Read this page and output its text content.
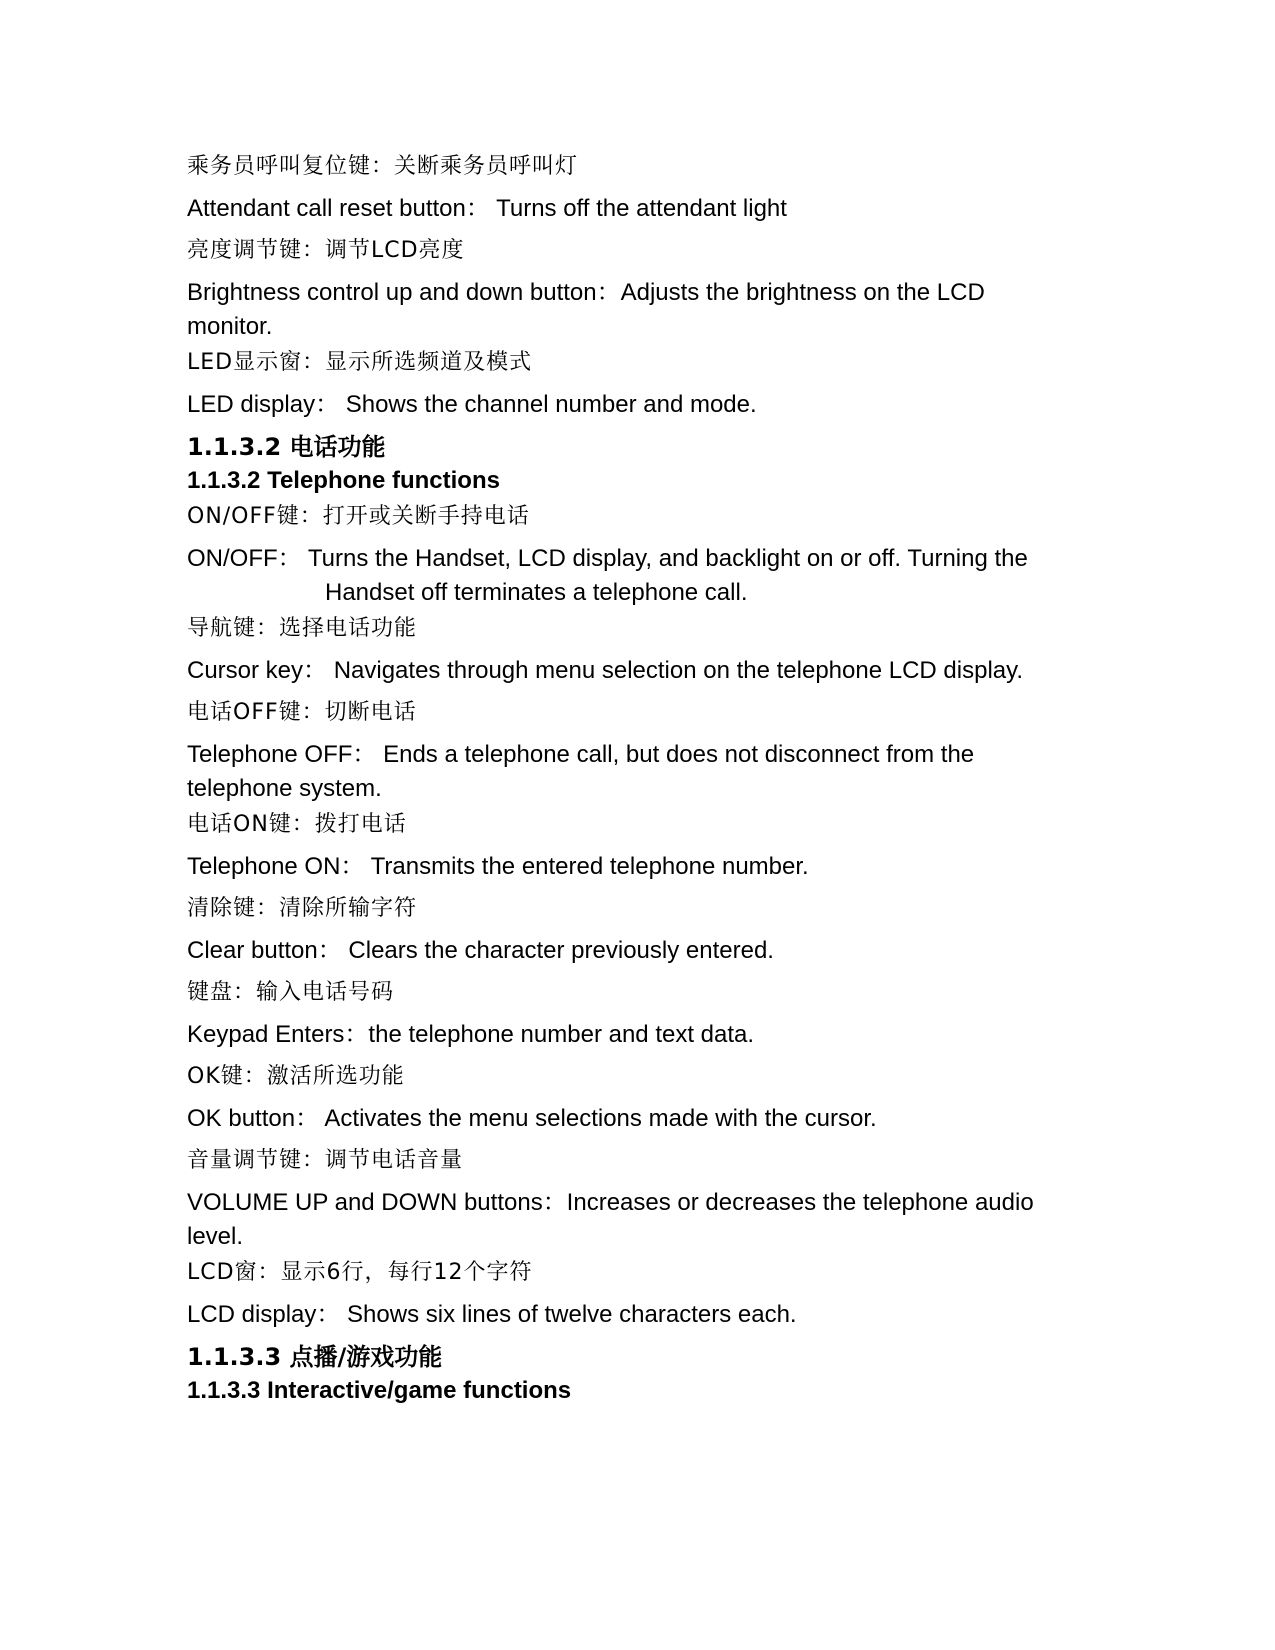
乘务员呼叫复位键：关断乘务员呼叫灯
Attendant call reset button： Turns off the attendant light
亮度调节键：调节LCD亮度
Brightness control up and down button：Adjusts the brightness on the LCD
monitor.
LED显示窗：显示所选频道及模式
LED display： Shows the channel number and mode.
1.1.3.2 电话功能
1.1.3.2 Telephone functions
ON/OFF键：打开或关断手持电话
ON/OFF： Turns the Handset, LCD display, and backlight on or off. Turning the
Handset off terminates a telephone call.
导航键：选择电话功能
Cursor key： Navigates through menu selection on the telephone LCD display.
电话OFF键：切断电话
Telephone OFF： Ends a telephone call, but does not disconnect from the
telephone system.
电话ON键：拨打电话
Telephone ON： Transmits the entered telephone number.
清除键：清除所输字符
Clear button： Clears the character previously entered.
键盘：输入电话号码
Keypad Enters：the telephone number and text data.
OK键：激活所选功能
OK button： Activates the menu selections made with the cursor.
音量调节键：调节电话音量
VOLUME UP and DOWN buttons：Increases or decreases the telephone audio
level.
LCD窗：显示6行，每行12个字符
LCD display： Shows six lines of twelve characters each.
1.1.3.3 点播/游戏功能
1.1.3.3 Interactive/game functions
